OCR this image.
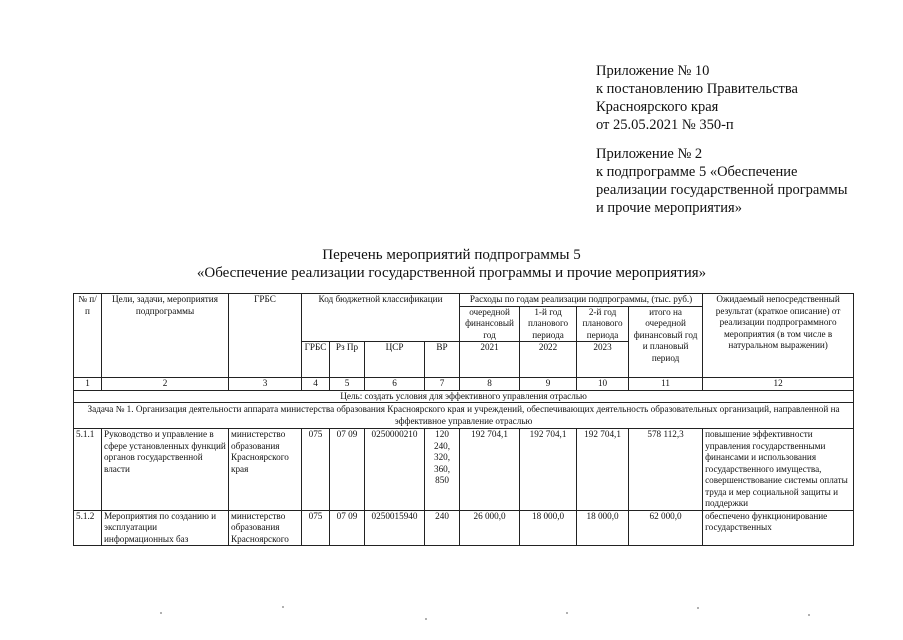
Приложение № 10
к постановлению Правительства
Красноярского края
от 25.05.2021 № 350-п
Приложение № 2
к подпрограмме 5 «Обеспечение
реализации государственной программы
и прочие мероприятия»
Перечень мероприятий подпрограммы 5
«Обеспечение реализации государственной программы и прочие мероприятия»
№ п/п	Цели, задачи, мероприятия подпрограммы	ГРБС	Код бюджетной классификации				Расходы по годам реализации подпрограммы, (тыс. руб.)				Ожидаемый непосредственный результат (краткое описание) от реализации подпрограммного мероприятия (в том числе в натуральном выражении)
							очередной финансовый год	1-й год планового периода	2-й год планового периода	итого на очередной финансовый год и плановый период	
			ГРБС	Рз Пр	ЦСР	ВР	2021	2022	2023		
1	2	3	4	5	6	7	8	9	10	11	12
Цель: создать условия для эффективного управления отраслью											
Задача № 1. Организация деятельности аппарата министерства образования Красноярского края и учреждений, обеспечивающих деятельность образовательных организаций, направленной на эффективное управление отраслью											
5.1.1	Руководство и управление в сфере установленных функций органов государственной власти	министерство образования Красноярского края	075	07 09	0250000210	120 240, 320, 360, 850	192 704,1	192 704,1	192 704,1	578 112,3	повышение эффективности управления государственными финансами и использования государственного имущества, совершенствование системы оплаты труда и мер социальной защиты и поддержки
5.1.2	Мероприятия по созданию и эксплуатации информационных баз	министерство образования Красноярского	075	07 09	0250015940	240	26 000,0	18 000,0	18 000,0	62 000,0	обеспечено функционирование государственных
